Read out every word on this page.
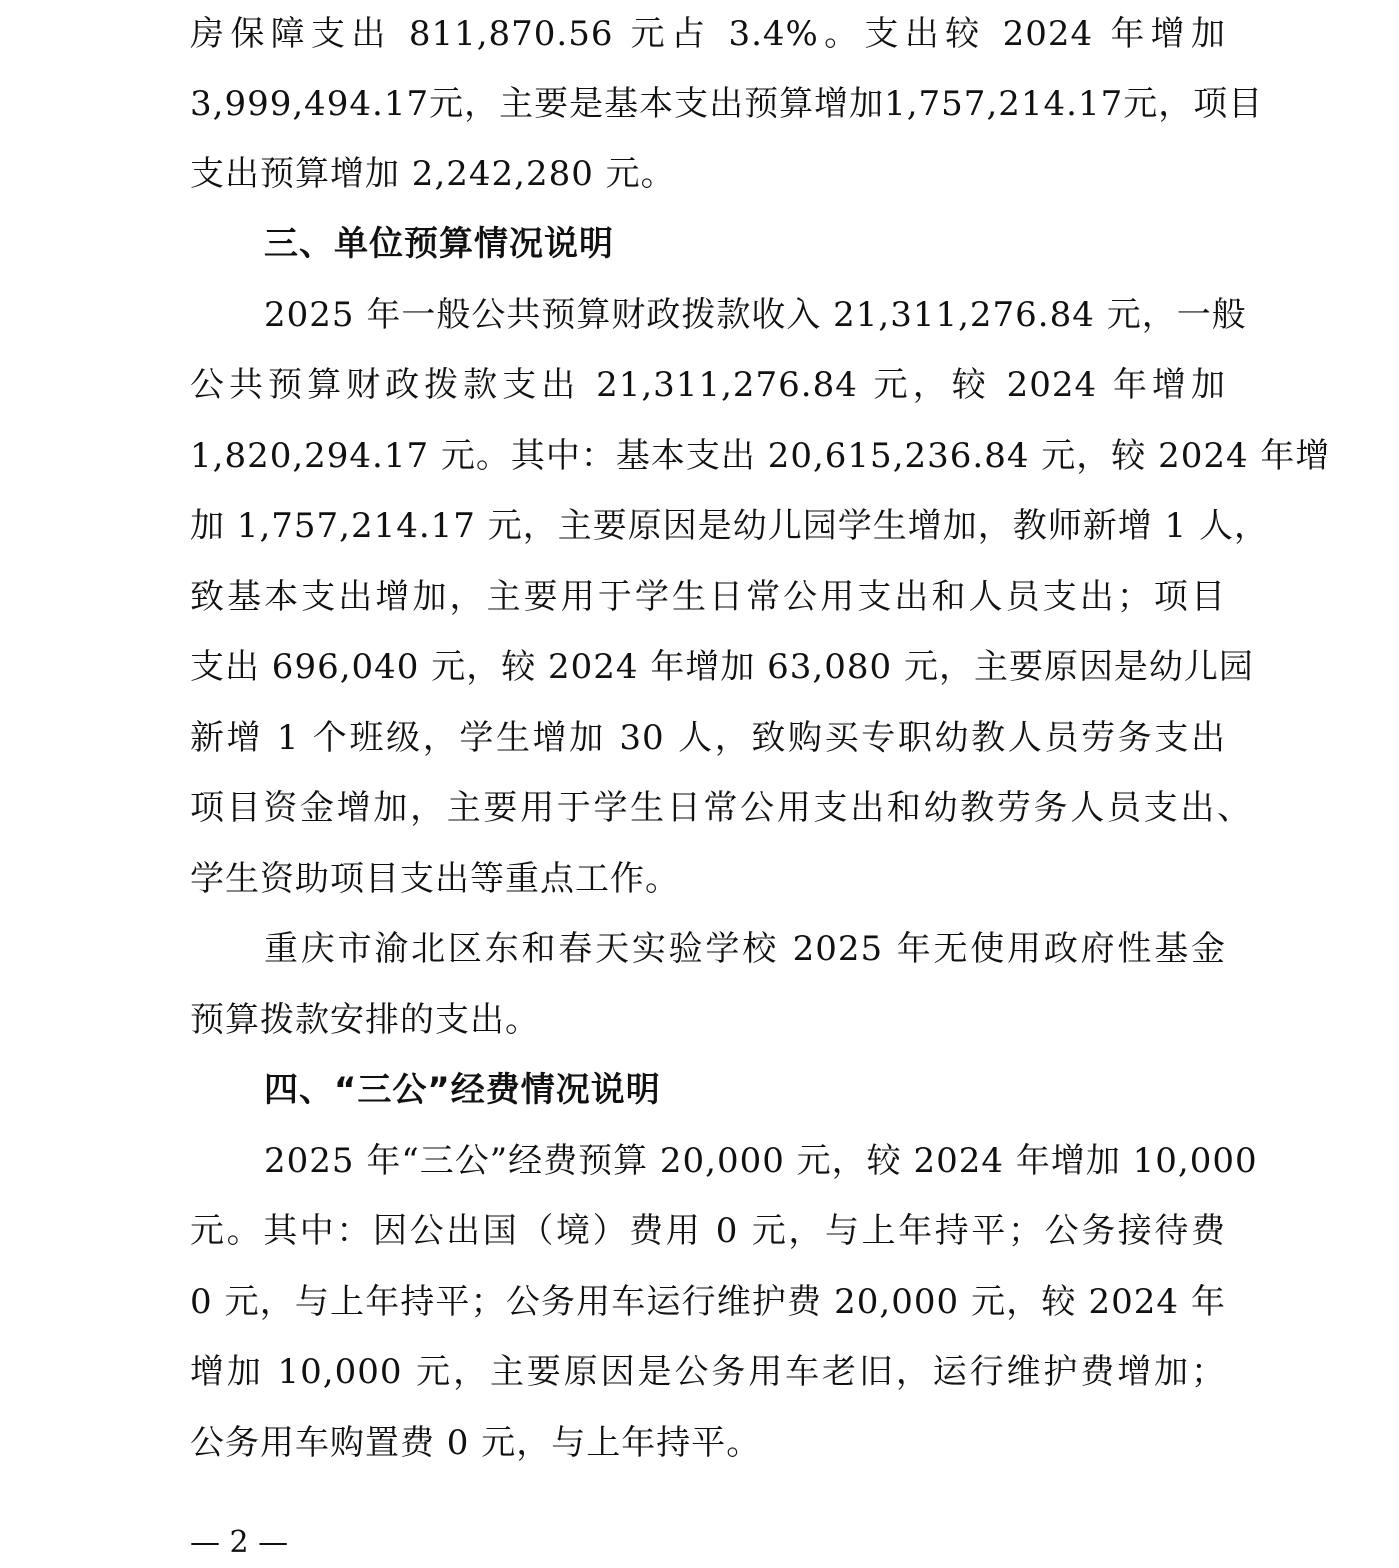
房保障支出 811,870.56 元占 3.4%。支出较 2024 年增加
3,999,494.17元，主要是基本支出预算增加1,757,214.17元，项目
支出预算增加 2,242,280 元。
三、单位预算情况说明
2025 年一般公共预算财政拨款收入 21,311,276.84 元，一般
公共预算财政拨款支出 21,311,276.84 元，较 2024 年增加
1,820,294.17 元。其中：基本支出 20,615,236.84 元，较 2024 年增
加 1,757,214.17 元，主要原因是幼儿园学生增加，教师新增 1 人，
致基本支出增加，主要用于学生日常公用支出和人员支出；项目
支出 696,040 元，较 2024 年增加 63,080 元，主要原因是幼儿园
新增 1 个班级，学生增加 30 人，致购买专职幼教人员劳务支出
项目资金增加，主要用于学生日常公用支出和幼教劳务人员支出、
学生资助项目支出等重点工作。
重庆市渝北区东和春天实验学校 2025 年无使用政府性基金
预算拨款安排的支出。
四、“三公”经费情况说明
2025 年“三公”经费预算 20,000 元，较 2024 年增加 10,000
元。其中：因公出国（境）费用 0 元，与上年持平；公务接待费
0 元，与上年持平；公务用车运行维护费 20,000 元，较 2024 年
增加 10,000 元，主要原因是公务用车老旧，运行维护费增加；
公务用车购置费 0 元，与上年持平。
— 2 —
